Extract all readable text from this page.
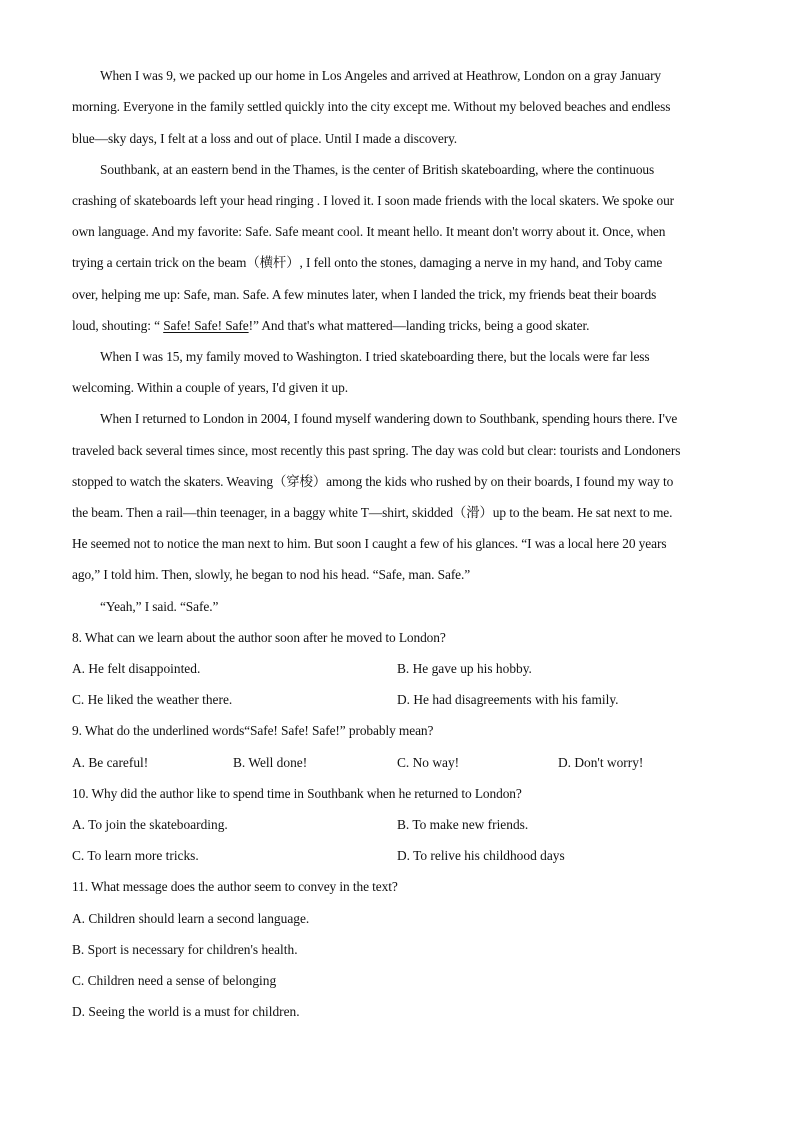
When I was 9, we packed up our home in Los Angeles and arrived at Heathrow, London on a gray January
morning. Everyone in the family settled quickly into the city except me. Without my beloved beaches and endless
blue—sky days, I felt at a loss and out of place. Until I made a discovery.
Southbank, at an eastern bend in the Thames, is the center of British skateboarding, where the continuous
crashing of skateboards left your head ringing . I loved it. I soon made friends with the local skaters. We spoke our
own language. And my favorite: Safe. Safe meant cool. It meant hello. It meant don't worry about it. Once, when
trying a certain trick on the beam（横杆）, I fell onto the stones, damaging a nerve in my hand, and Toby came
over, helping me up: Safe, man. Safe. A few minutes later, when I landed the trick, my friends beat their boards
loud, shouting: “ Safe! Safe! Safe!” And that's what mattered—landing tricks, being a good skater.
When I was 15, my family moved to Washington. I tried skateboarding there, but the locals were far less
welcoming. Within a couple of years, I'd given it up.
When I returned to London in 2004, I found myself wandering down to Southbank, spending hours there. I've
traveled back several times since, most recently this past spring. The day was cold but clear: tourists and Londoners
stopped to watch the skaters. Weaving（穿梭）among the kids who rushed by on their boards, I found my way to
the beam. Then a rail—thin teenager, in a baggy white T—shirt, skidded（滑）up to the beam. He sat next to me.
He seemed not to notice the man next to him. But soon I caught a few of his glances. “I was a local here 20 years
ago,” I told him. Then, slowly, he began to nod his head. “Safe, man. Safe.”
“Yeah,” I said. “Safe.”
8. What can we learn about the author soon after he moved to London?
A. He felt disappointed.	B. He gave up his hobby.
C. He liked the weather there.	D. He had disagreements with his family.
9. What do the underlined words“Safe! Safe! Safe!” probably mean?
A. Be careful!	B. Well done!	C. No way!	D. Don't worry!
10. Why did the author like to spend time in Southbank when he returned to London?
A. To join the skateboarding.	B. To make new friends.
C. To learn more tricks.	D. To relive his childhood days
11. What message does the author seem to convey in the text?
A. Children should learn a second language.
B. Sport is necessary for children's health.
C. Children need a sense of belonging
D. Seeing the world is a must for children.
